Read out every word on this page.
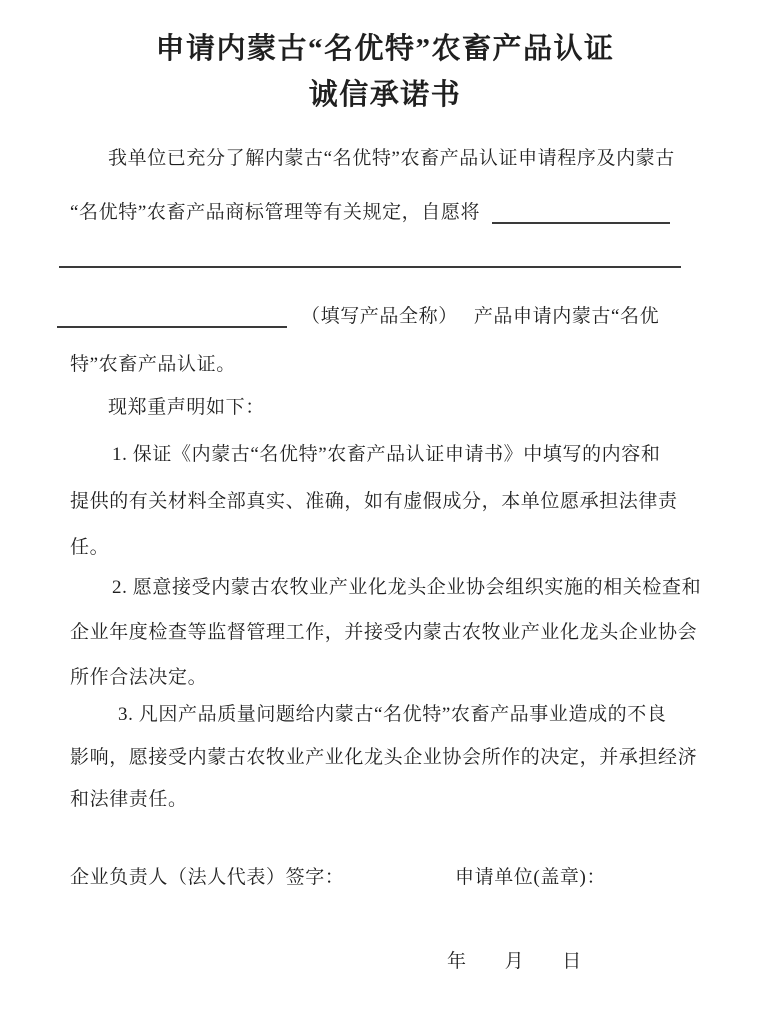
申请内蒙古“名优特”农畜产品认证
诚信承诺书
我单位已充分了解内蒙古“名优特”农畜产品认证申请程序及内蒙古
“名优特”农畜产品商标管理等有关规定，自愿将
（填写产品全称） 产品申请内蒙古“名优
特”农畜产品认证。
现郑重声明如下：
1. 保证《内蒙古“名优特”农畜产品认证申请书》中填写的内容和
提供的有关材料全部真实、准确，如有虚假成分，本单位愿承担法律责
任。
2. 愿意接受内蒙古农牧业产业化龙头企业协会组织实施的相关检查和
企业年度检查等监督管理工作，并接受内蒙古农牧业产业化龙头企业协会
所作合法决定。
3. 凡因产品质量问题给内蒙古“名优特”农畜产品事业造成的不良
影响，愿接受内蒙古农牧业产业化龙头企业协会所作的决定，并承担经济
和法律责任。
企业负责人（法人代表）签字：	申请单位(盖章)：
年 月 日
